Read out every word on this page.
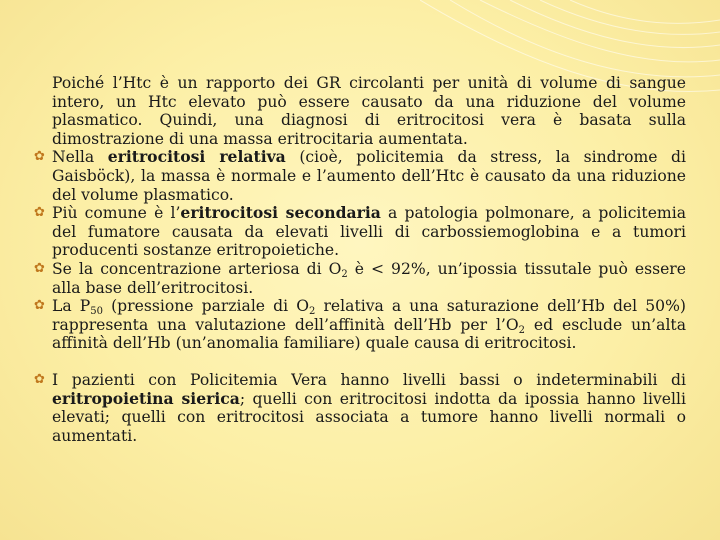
Poiché l’Htc è un rapporto dei GR circolanti per unità di volume di sangue intero, un Htc elevato può essere causato da una riduzione del volume plasmatico. Quindi, una diagnosi di eritrocitosi vera è basata sulla dimostrazione di una massa eritrocitaria aumentata.

✿ Nella eritrocitosi relativa (cioè, policitemia da stress, la sindrome di Gaisböck), la massa è normale e l’aumento dell’Htc è causato da una riduzione del volume plasmatico.

✿ Più comune è l’eritrocitosi secondaria a patologia polmonare, a policitemia del fumatore causata da elevati livelli di carbossiemoglobina e a tumori producenti sostanze eritropoietiche.

✿ Se la concentrazione arteriosa di $O_2$ è < 92%, un’ipossia tissutale può essere alla base dell’eritrocitosi.

✿ La $P_{50}$ (pressione parziale di $O_2$ relativa a una saturazione dell’Hb del 50%) rappresenta una valutazione dell’affinità dell’Hb per $l’O_2$ ed esclude un’alta affinità dell’Hb (un’anomalia familiare) quale causa di eritrocitosi.

✿ I pazienti con Policitemia Vera hanno livelli bassi o indeterminabili di eritropoietina sierica; quelli con eritrocitosi indotta da ipossia hanno livelli elevati; quelli con eritrocitosi associata a tumore hanno livelli normali o aumentati.
